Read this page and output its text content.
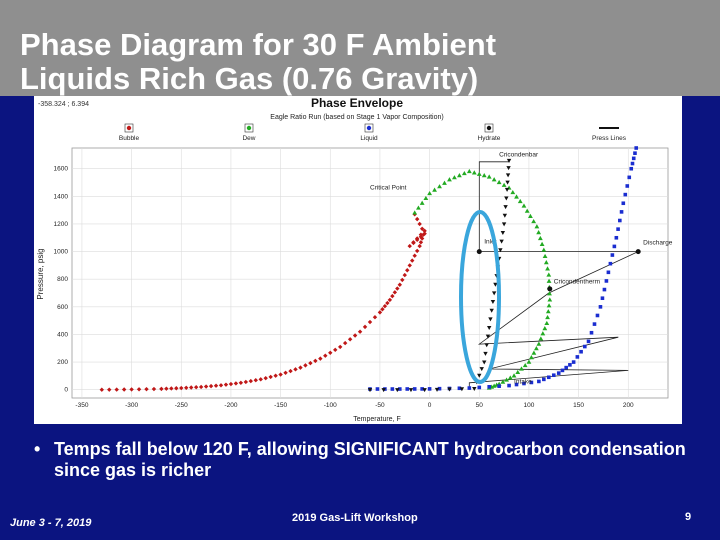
Phase Diagram for 30 F Ambient
Liquids Rich Gas (0.76 Gravity)
-350	-300	-250	-200	-150	-100	-50	0	50	100	150	200
0
200
400
600
800
1000
1200
1400
1600
Bubble	Dew	Liquid	Hydrate	Press Lines
Critical Point
Cricondentherm
Cricondenbar
Inlet	Discharge
Intake
-358.324 ; 6.394	Phase Envelope
Eagle Ratio Run (based on Stage 1 Vapor Composition)
Temperature, F
Pressure, psig
• Temps fall below 120 F, allowing SIGNIFICANT hydrocarbon condensation since gas is richer
June 3 - 7, 2019	2019 Gas-Lift Workshop	9
